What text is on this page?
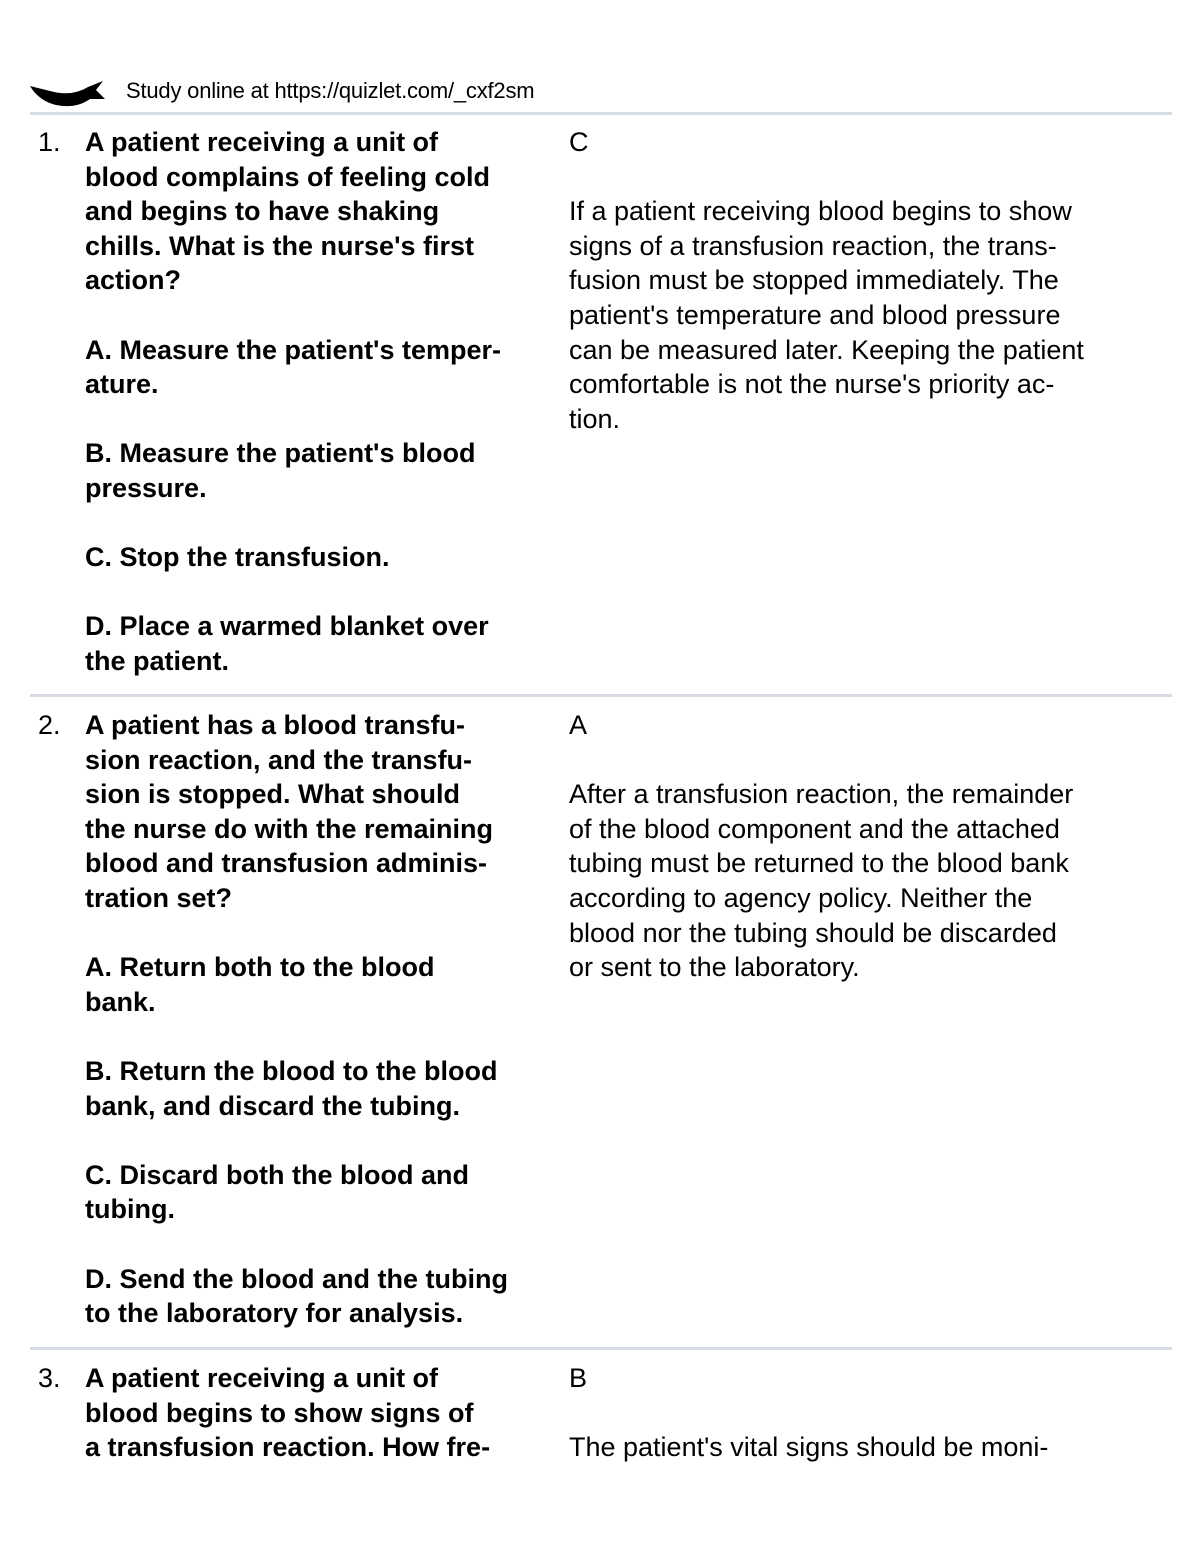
Study online at https://quizlet.com/_cxf2sm
1. A patient receiving a unit of

blood complains of feeling cold

and begins to have shaking

chills. What is the nurse's first

action?

A. Measure the patient's temper-

ature.

B. Measure the patient's blood

pressure.

C. Stop the transfusion.

D. Place a warmed blanket over

the patient.

C

If a patient receiving blood begins to show

signs of a transfusion reaction, the trans-

fusion must be stopped immediately. The

patient's temperature and blood pressure

can be measured later. Keeping the patient

comfortable is not the nurse's priority ac-

tion.

2. A patient has a blood transfu-

sion reaction, and the transfu-

sion is stopped. What should

the nurse do with the remaining

blood and transfusion adminis-

tration set?

A. Return both to the blood

bank.

B. Return the blood to the blood

bank, and discard the tubing.

C. Discard both the blood and

tubing.

D. Send the blood and the tubing

to the laboratory for analysis.

A

After a transfusion reaction, the remainder

of the blood component and the attached

tubing must be returned to the blood bank

according to agency policy. Neither the

blood nor the tubing should be discarded

or sent to the laboratory.

3. A patient receiving a unit of

blood begins to show signs of

a transfusion reaction. How fre-

B

The patient's vital signs should be moni-
